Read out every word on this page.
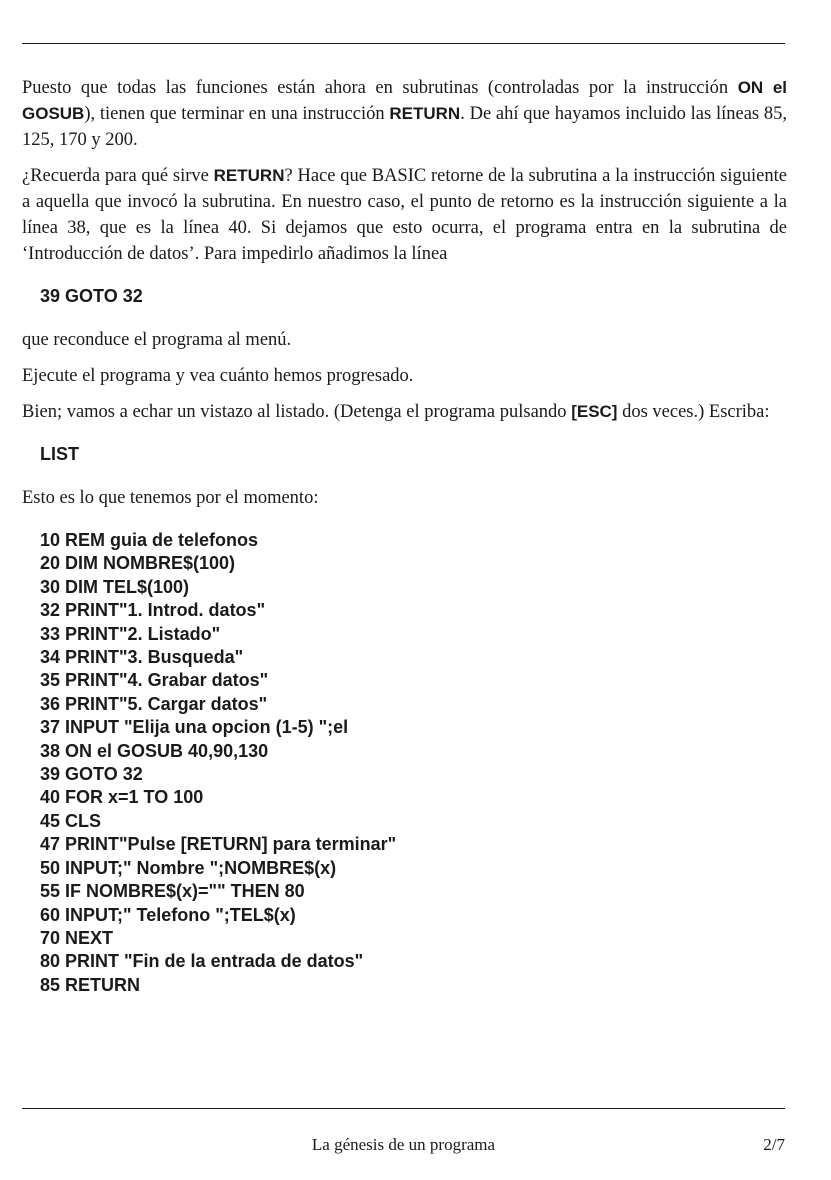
Puesto que todas las funciones están ahora en subrutinas (controladas por la instrucción ON el GOSUB), tienen que terminar en una instrucción RETURN. De ahí que hayamos incluido las líneas 85, 125, 170 y 200.

¿Recuerda para qué sirve RETURN? Hace que BASIC retorne de la subrutina a la instrucción siguiente a aquella que invocó la subrutina. En nuestro caso, el punto de retorno es la instrucción siguiente a la línea 38, que es la línea 40. Si dejamos que esto ocurra, el programa entra en la subrutina de ‘Introducción de datos’. Para impedirlo añadimos la línea

39 GOTO 32

que reconduce el programa al menú.

Ejecute el programa y vea cuánto hemos progresado.

Bien; vamos a echar un vistazo al listado. (Detenga el programa pulsando [ESC] dos veces.) Escriba:

LIST

Esto es lo que tenemos por el momento:

10 REM guia de telefonos
20 DIM NOMBRE$(100)
30 DIM TEL$(100)
32 PRINT"1. Introd. datos"
33 PRINT"2. Listado"
34 PRINT"3. Busqueda"
35 PRINT"4. Grabar datos"
36 PRINT"5. Cargar datos"
37 INPUT "Elija una opcion (1-5) ";el
38 ON el GOSUB 40,90,130
39 GOTO 32
40 FOR x=1 TO 100
45 CLS
47 PRINT"Pulse [RETURN] para terminar"
50 INPUT;" Nombre ";NOMBRE$(x)
55 IF NOMBRE$(x)="" THEN 80
60 INPUT;" Telefono ";TEL$(x)
70 NEXT
80 PRINT "Fin de la entrada de datos"
85 RETURN
La génesis de un programa	2/7
